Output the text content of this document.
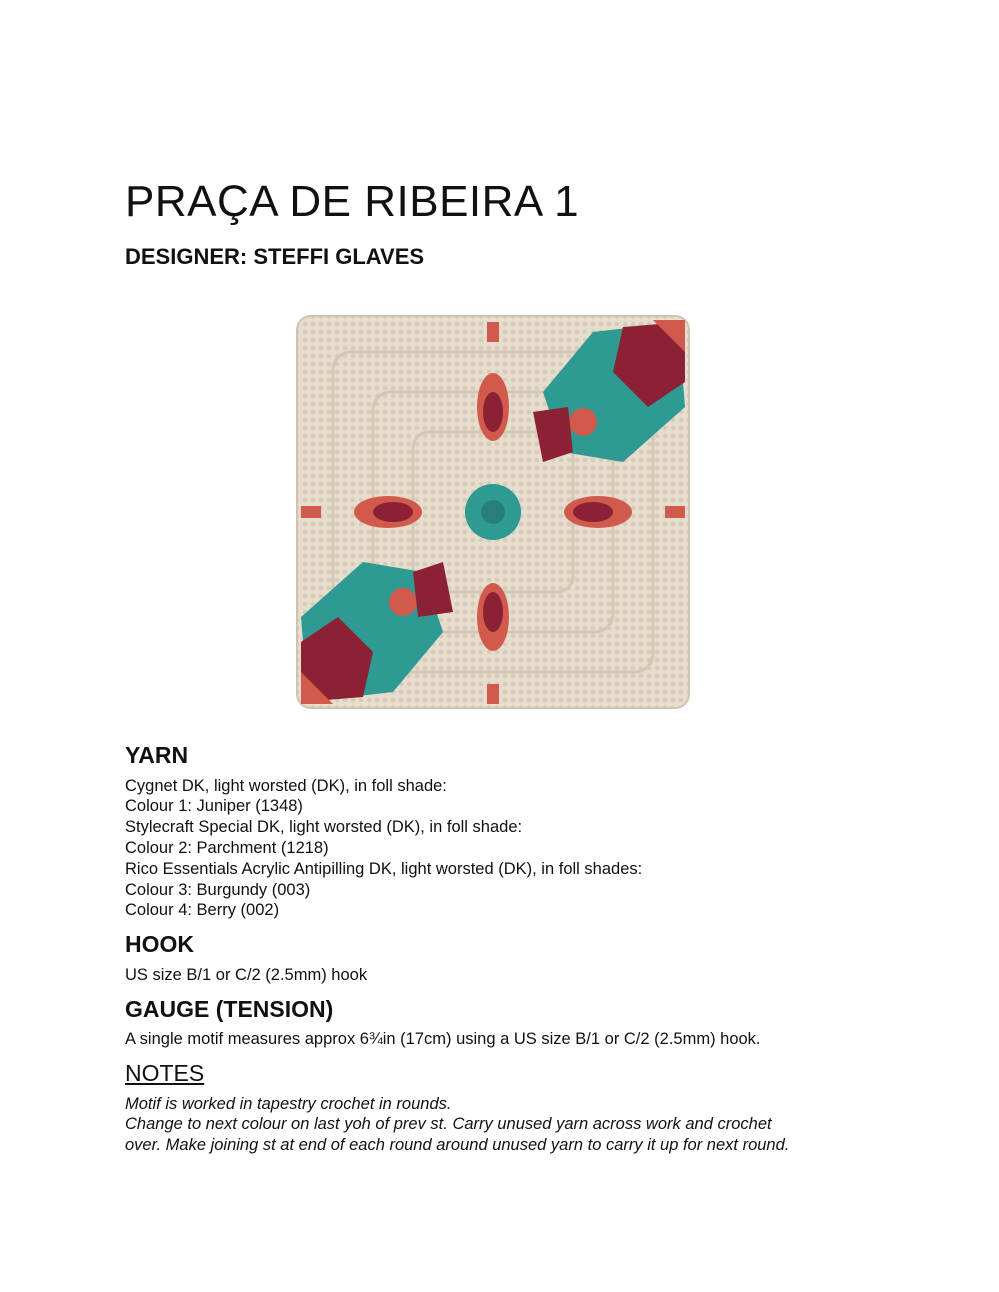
PRAÇA DE RIBEIRA 1
DESIGNER: STEFFI GLAVES
YARN

Cygnet DK, light worsted (DK), in foll shade:

Colour 1: Juniper (1348)

Stylecraft Special DK, light worsted (DK), in foll shade:

Colour 2: Parchment (1218)

Rico Essentials Acrylic Antipilling DK, light worsted (DK), in foll shades:

Colour 3: Burgundy (003)

Colour 4: Berry (002)

HOOK

US size B/1 or C/2 (2.5mm) hook

GAUGE (TENSION)

A single motif measures approx 6¾in (17cm) using a US size B/1 or C/2 (2.5mm) hook.

NOTES

Motif is worked in tapestry crochet in rounds.

Change to next colour on last yoh of prev st. Carry unused yarn across work and crochet

over. Make joining st at end of each round around unused yarn to carry it up for next round.
